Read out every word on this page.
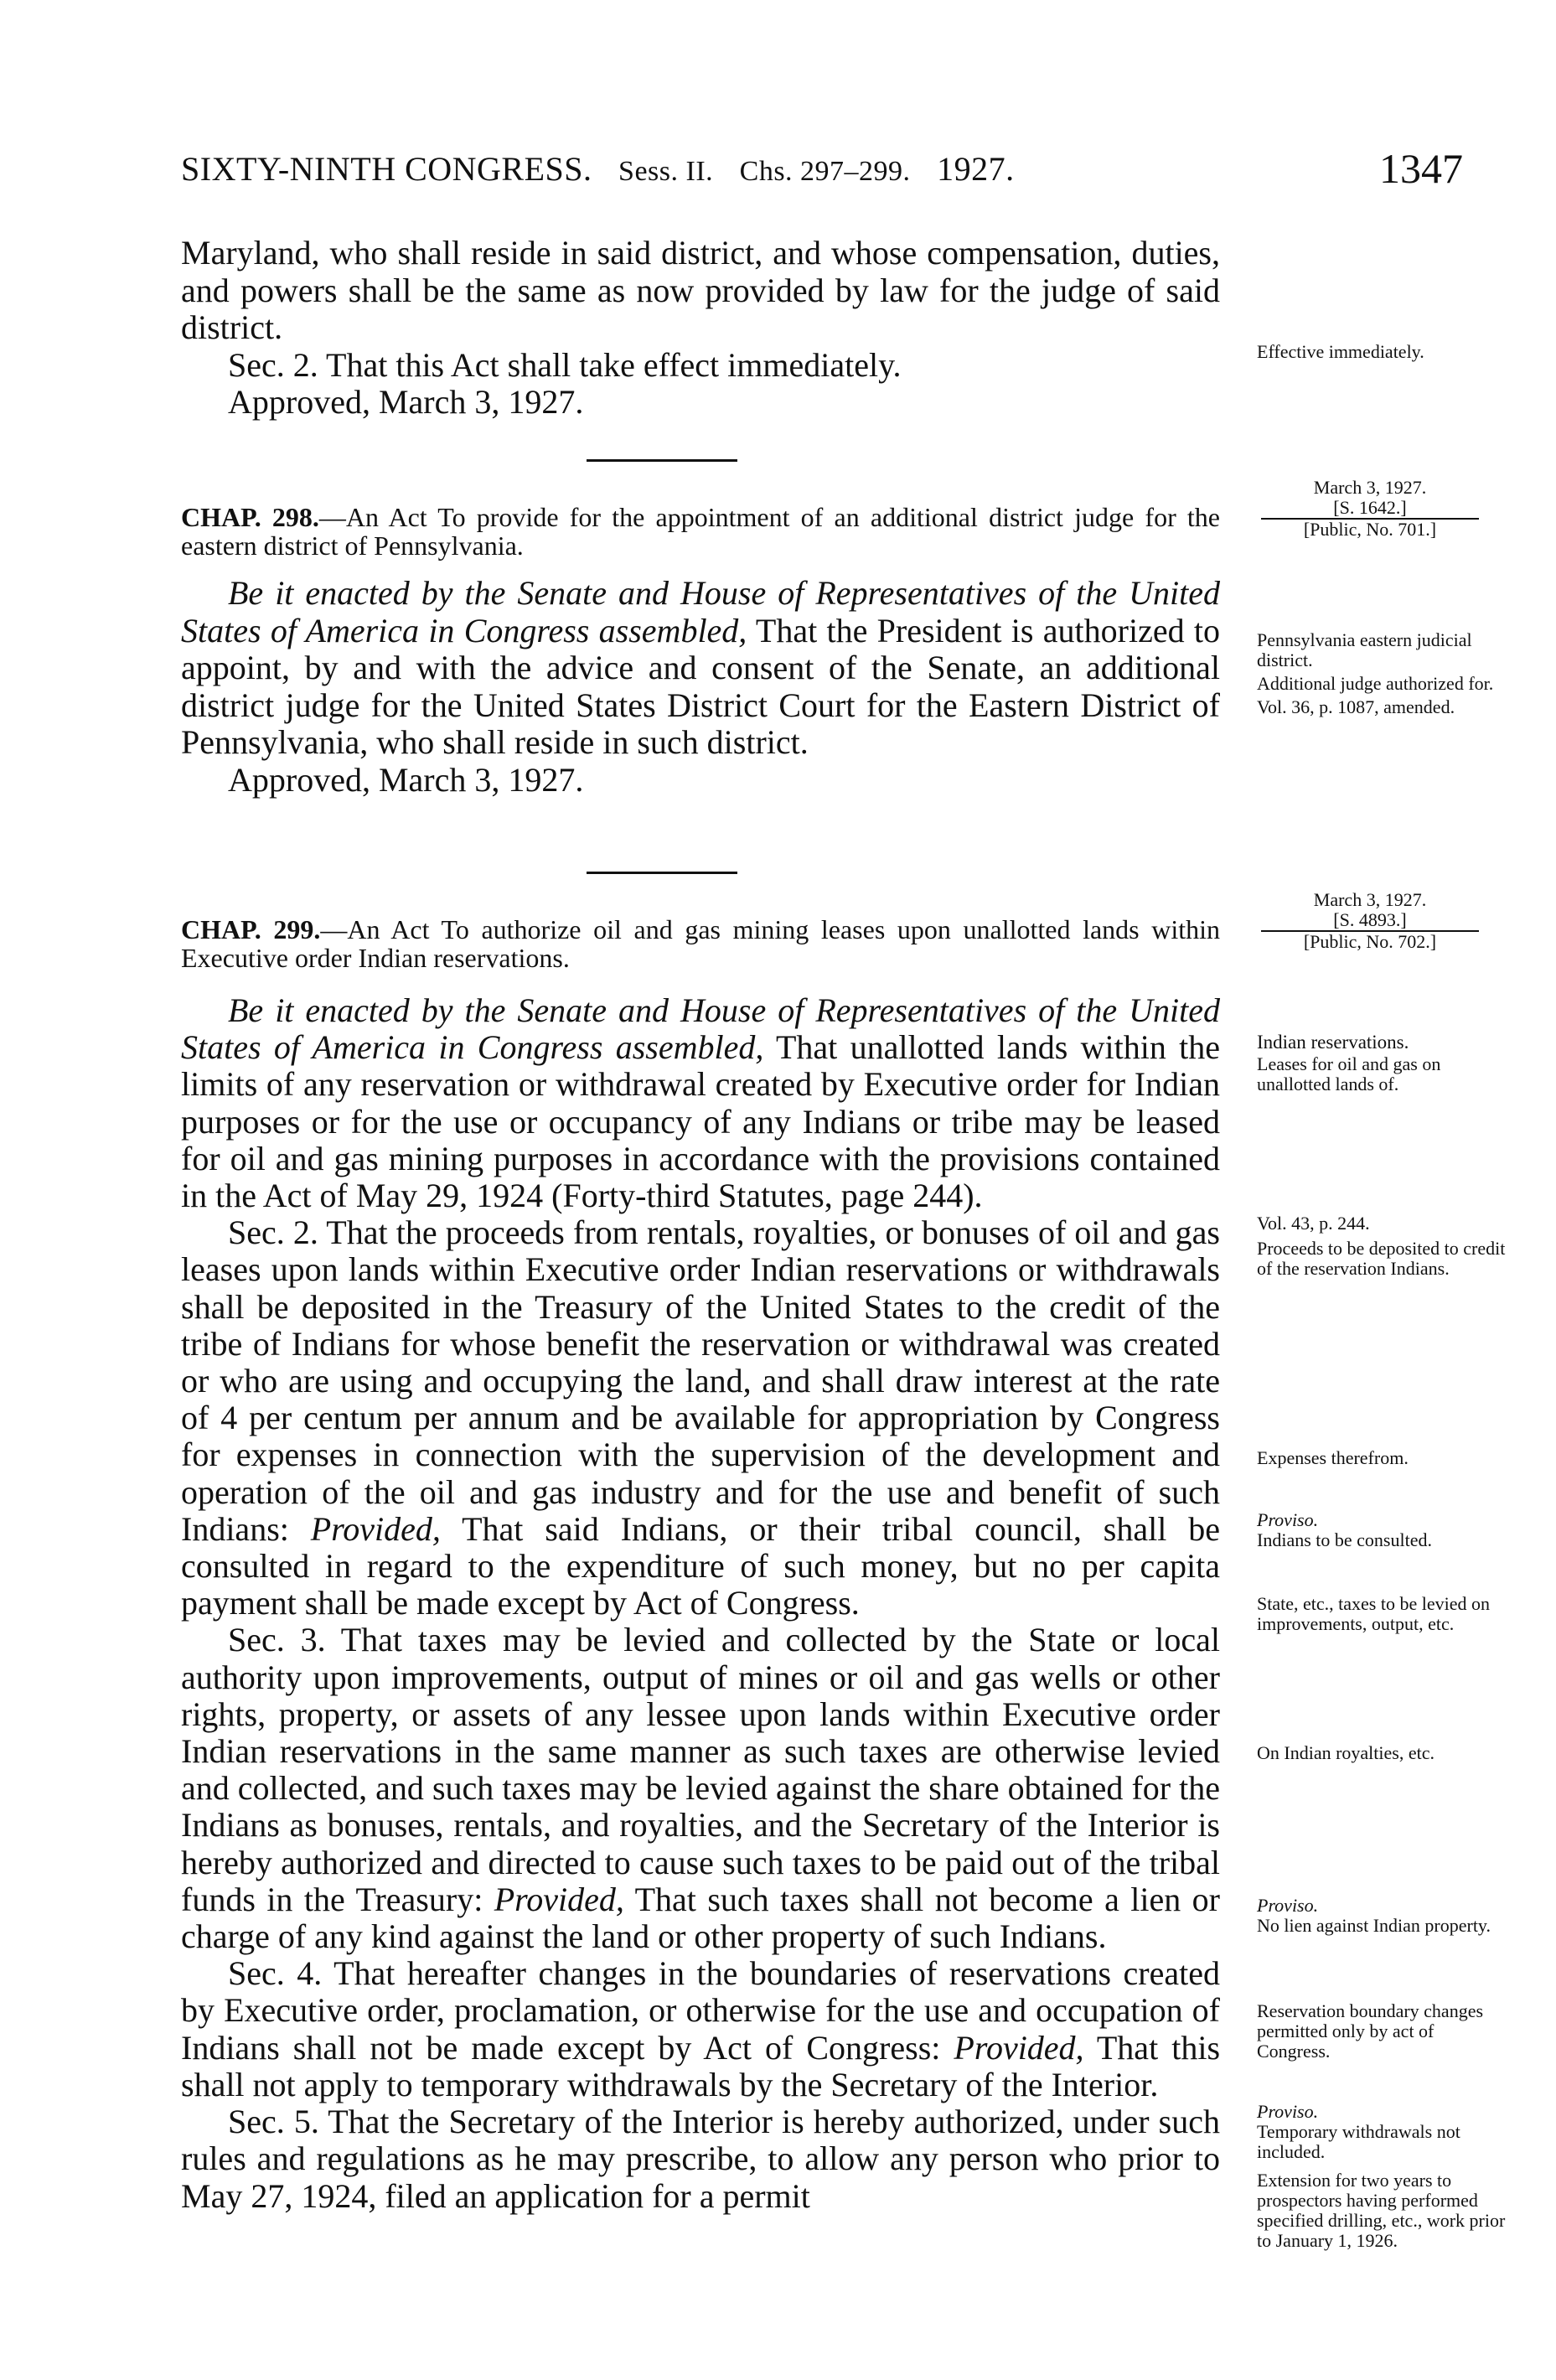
SIXTY-NINTH CONGRESS. Sess. II. Chs. 297–299. 1927.	1347

Maryland, who shall reside in said district, and whose compensation, duties, and powers shall be the same as now provided by law for the judge of said district.

Sec. 2. That this Act shall take effect immediately.

Approved, March 3, 1927.

Effective immediately.
March 3, 1927.
[S. 1642.]
[Public, No. 701.]
CHAP. 298.—An Act To provide for the appointment of an additional district judge for the eastern district of Pennsylvania.

Be it enacted by the Senate and House of Representatives of the United States of America in Congress assembled, That the President is authorized to appoint, by and with the advice and consent of the Senate, an additional district judge for the United States District Court for the Eastern District of Pennsylvania, who shall reside in such district.

Approved, March 3, 1927.

Pennsylvania eastern judicial district.
Additional judge authorized for.
Vol. 36, p. 1087, amended.
March 3, 1927.
[S. 4893.]
[Public, No. 702.]
CHAP. 299.—An Act To authorize oil and gas mining leases upon unallotted lands within Executive order Indian reservations.

Be it enacted by the Senate and House of Representatives of the United States of America in Congress assembled, That unallotted lands within the limits of any reservation or withdrawal created by Executive order for Indian purposes or for the use or occupancy of any Indians or tribe may be leased for oil and gas mining purposes in accordance with the provisions contained in the Act of May 29, 1924 (Forty-third Statutes, page 244).

Sec. 2. That the proceeds from rentals, royalties, or bonuses of oil and gas leases upon lands within Executive order Indian reservations or withdrawals shall be deposited in the Treasury of the United States to the credit of the tribe of Indians for whose benefit the reservation or withdrawal was created or who are using and occupying the land, and shall draw interest at the rate of 4 per centum per annum and be available for appropriation by Congress for expenses in connection with the supervision of the development and operation of the oil and gas industry and for the use and benefit of such Indians: Provided, That said Indians, or their tribal council, shall be consulted in regard to the expenditure of such money, but no per capita payment shall be made except by Act of Congress.

Sec. 3. That taxes may be levied and collected by the State or local authority upon improvements, output of mines or oil and gas wells or other rights, property, or assets of any lessee upon lands within Executive order Indian reservations in the same manner as such taxes are otherwise levied and collected, and such taxes may be levied against the share obtained for the Indians as bonuses, rentals, and royalties, and the Secretary of the Interior is hereby authorized and directed to cause such taxes to be paid out of the tribal funds in the Treasury: Provided, That such taxes shall not become a lien or charge of any kind against the land or other property of such Indians.

Sec. 4. That hereafter changes in the boundaries of reservations created by Executive order, proclamation, or otherwise for the use and occupation of Indians shall not be made except by Act of Congress: Provided, That this shall not apply to temporary withdrawals by the Secretary of the Interior.

Sec. 5. That the Secretary of the Interior is hereby authorized, under such rules and regulations as he may prescribe, to allow any person who prior to May 27, 1924, filed an application for a permit

Indian reservations.
Leases for oil and gas on unallotted lands of.
Vol. 43, p. 244.
Proceeds to be deposited to credit of the reservation Indians.
Expenses therefrom.
Proviso.
Indians to be consulted.
State, etc., taxes to be levied on improvements, output, etc.
On Indian royalties, etc.
Proviso.
No lien against Indian property.
Reservation boundary changes permitted only by act of Congress.
Proviso.
Temporary withdrawals not included.
Extension for two years to prospectors having performed specified drilling, etc., work prior to January 1, 1926.
